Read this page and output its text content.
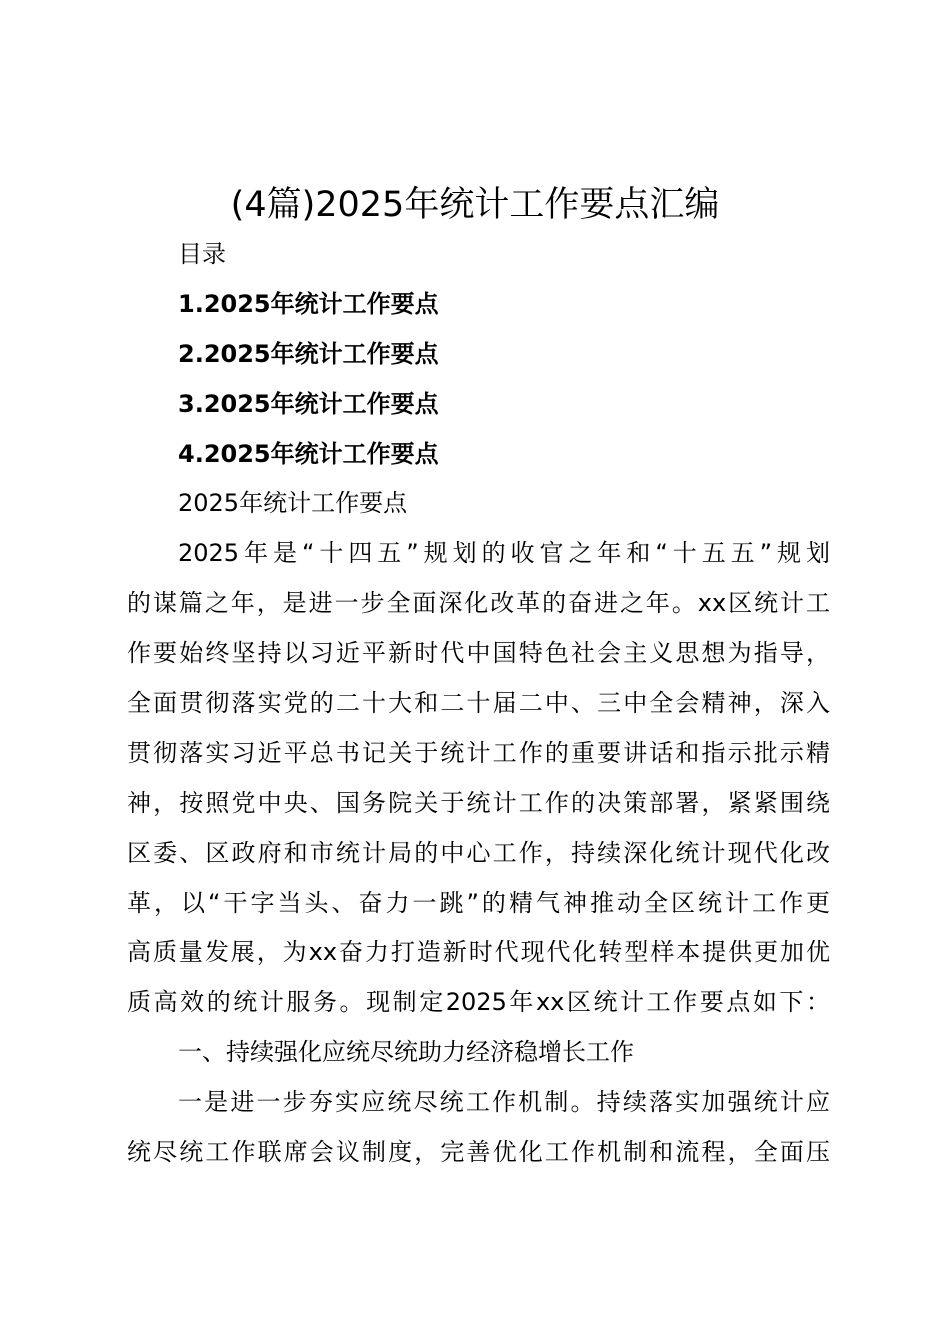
(4篇)2025年统计工作要点汇编
目录
1.2025年统计工作要点
2.2025年统计工作要点
3.2025年统计工作要点
4.2025年统计工作要点
2025年统计工作要点
2025年是“十四五”规划的收官之年和“十五五”规划
的谋篇之年，是进一步全面深化改革的奋进之年。xx区统计工
作要始终坚持以习近平新时代中国特色社会主义思想为指导，
全面贯彻落实党的二十大和二十届二中、三中全会精神，深入
贯彻落实习近平总书记关于统计工作的重要讲话和指示批示精
神，按照党中央、国务院关于统计工作的决策部署，紧紧围绕
区委、区政府和市统计局的中心工作，持续深化统计现代化改
革，以“干字当头、奋力一跳”的精气神推动全区统计工作更
高质量发展，为xx奋力打造新时代现代化转型样本提供更加优
质高效的统计服务。现制定2025年xx区统计工作要点如下：
一、持续强化应统尽统助力经济稳增长工作
一是进一步夯实应统尽统工作机制。持续落实加强统计应
统尽统工作联席会议制度，完善优化工作机制和流程，全面压
